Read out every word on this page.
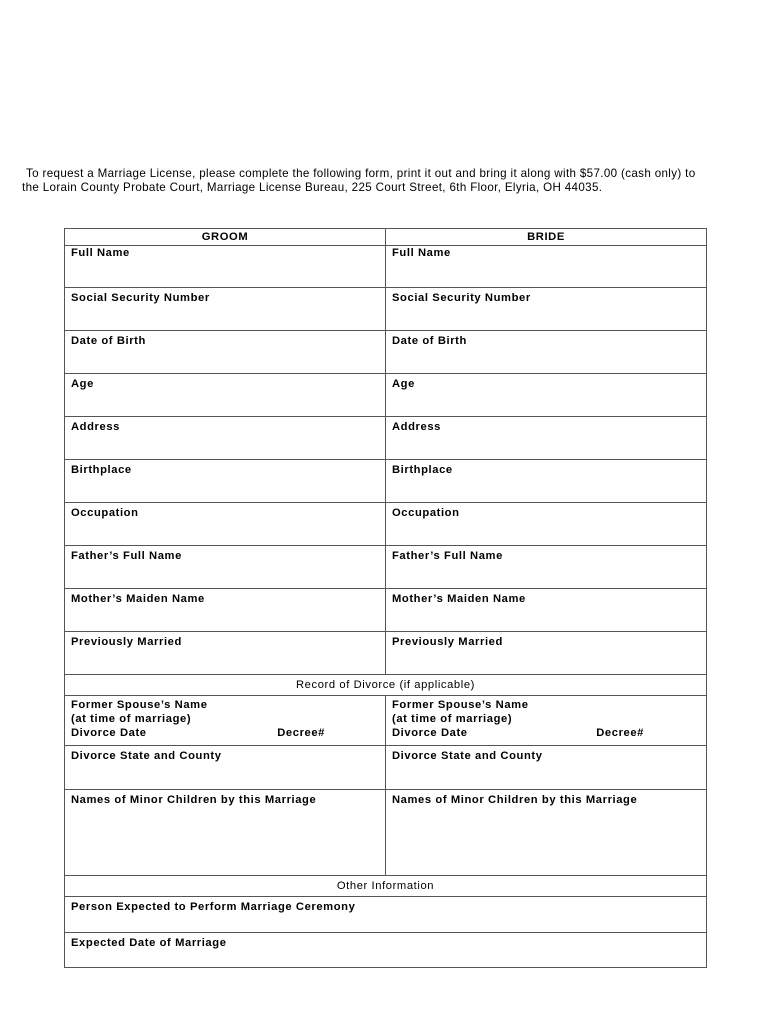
To request a Marriage License, please complete the following form, print it out and bring it along with $57.00 (cash only) to
the Lorain County Probate Court, Marriage License Bureau, 225 Court Street, 6th Floor, Elyria, OH 44035.
GROOM	BRIDE

Full Name	Full Name

Social Security Number	Social Security Number

Date of Birth	Date of Birth

Age	Age

Address	Address

Birthplace	Birthplace

Occupation	Occupation

Father’s Full Name	Father’s Full Name

Mother’s Maiden Name	Mother’s Maiden Name

Previously Married	Previously Married

Record of Divorce (if applicable)	

Former Spouse’s Name
(at time of marriage)
Divorce Date Decree#	Former Spouse’s Name
(at time of marriage)
Divorce Date Decree#

Divorce State and County	Divorce State and County

Names of Minor Children by this Marriage	Names of Minor Children by this Marriage

Other Information	

Person Expected to Perform Marriage Ceremony	

Expected Date of Marriage	
